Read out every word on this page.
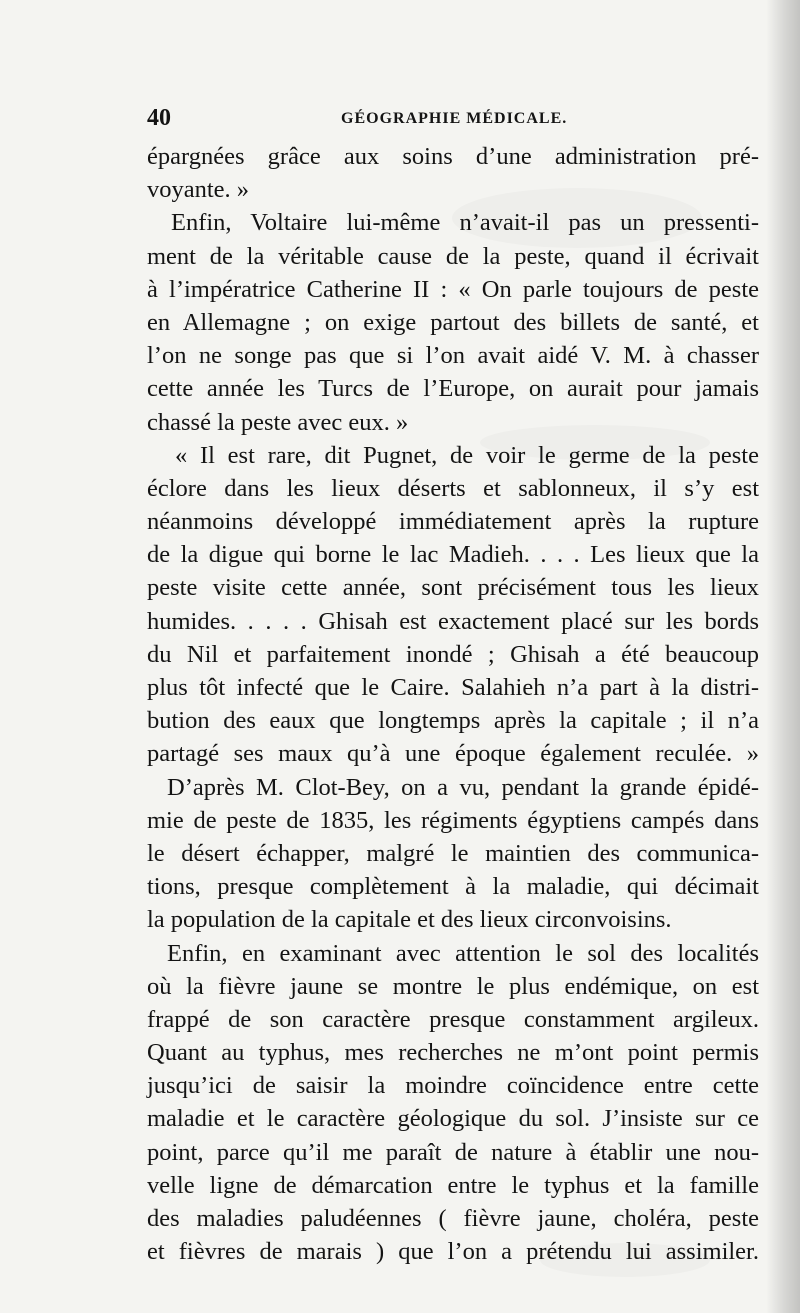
40	GÉOGRAPHIE MÉDICALE.
épargnées grâce aux soins d’une administration pré-
voyante. »
Enfin, Voltaire lui-même n’avait-il pas un pressenti-
ment de la véritable cause de la peste, quand il écrivait
à l’impératrice Catherine II : « On parle toujours de peste
en Allemagne ; on exige partout des billets de santé, et
l’on ne songe pas que si l’on avait aidé V. M. à chasser
cette année les Turcs de l’Europe, on aurait pour jamais
chassé la peste avec eux. »
« Il est rare, dit Pugnet, de voir le germe de la peste
éclore dans les lieux déserts et sablonneux, il s’y est
néanmoins développé immédiatement après la rupture
de la digue qui borne le lac Madieh. . . . Les lieux que la
peste visite cette année, sont précisément tous les lieux
humides. . . . . Ghisah est exactement placé sur les bords
du Nil et parfaitement inondé ; Ghisah a été beaucoup
plus tôt infecté que le Caire. Salahieh n’a part à la distri-
bution des eaux que longtemps après la capitale ; il n’a
partagé ses maux qu’à une époque également reculée. »
D’après M. Clot-Bey, on a vu, pendant la grande épidé-
mie de peste de 1835, les régiments égyptiens campés dans
le désert échapper, malgré le maintien des communica-
tions, presque complètement à la maladie, qui décimait
la population de la capitale et des lieux circonvoisins.
Enfin, en examinant avec attention le sol des localités
où la fièvre jaune se montre le plus endémique, on est
frappé de son caractère presque constamment argileux.
Quant au typhus, mes recherches ne m’ont point permis
jusqu’ici de saisir la moindre coïncidence entre cette
maladie et le caractère géologique du sol. J’insiste sur ce
point, parce qu’il me paraît de nature à établir une nou-
velle ligne de démarcation entre le typhus et la famille
des maladies paludéennes ( fièvre jaune, choléra, peste
et fièvres de marais ) que l’on a prétendu lui assimiler.
